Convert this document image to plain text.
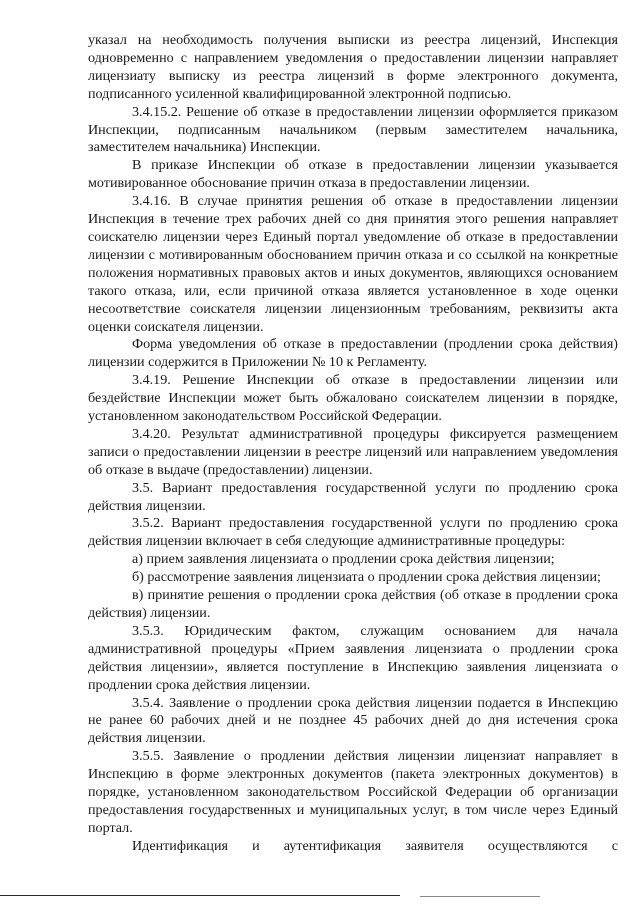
указал на необходимость получения выписки из реестра лицензий, Инспекция одновременно с направлением уведомления о предоставлении лицензии направляет лицензиату выписку из реестра лицензий в форме электронного документа, подписанного усиленной квалифицированной электронной подписью.

3.4.15.2. Решение об отказе в предоставлении лицензии оформляется приказом Инспекции, подписанным начальником (первым заместителем начальника, заместителем начальника) Инспекции.

В приказе Инспекции об отказе в предоставлении лицензии указывается мотивированное обоснование причин отказа в предоставлении лицензии.

3.4.16. В случае принятия решения об отказе в предоставлении лицензии Инспекция в течение трех рабочих дней со дня принятия этого решения направляет соискателю лицензии через Единый портал уведомление об отказе в предоставлении лицензии с мотивированным обоснованием причин отказа и со ссылкой на конкретные положения нормативных правовых актов и иных документов, являющихся основанием такого отказа, или, если причиной отказа является установленное в ходе оценки несоответствие соискателя лицензии лицензионным требованиям, реквизиты акта оценки соискателя лицензии.

Форма уведомления об отказе в предоставлении (продлении срока действия) лицензии содержится в Приложении № 10 к Регламенту.

3.4.19. Решение Инспекции об отказе в предоставлении лицензии или бездействие Инспекции может быть обжаловано соискателем лицензии в порядке, установленном законодательством Российской Федерации.

3.4.20. Результат административной процедуры фиксируется размещением записи о предоставлении лицензии в реестре лицензий или направлением уведомления об отказе в выдаче (предоставлении) лицензии.

3.5. Вариант предоставления государственной услуги по продлению срока действия лицензии.

3.5.2. Вариант предоставления государственной услуги по продлению срока действия лицензии включает в себя следующие административные процедуры:

а) прием заявления лицензиата о продлении срока действия лицензии;

б) рассмотрение заявления лицензиата о продлении срока действия лицензии;

в) принятие решения о продлении срока действия (об отказе в продлении срока действия) лицензии.

3.5.3. Юридическим фактом, служащим основанием для начала административной процедуры «Прием заявления лицензиата о продлении срока действия лицензии», является поступление в Инспекцию заявления лицензиата о продлении срока действия лицензии.

3.5.4. Заявление о продлении срока действия лицензии подается в Инспекцию не ранее 60 рабочих дней и не позднее 45 рабочих дней до дня истечения срока действия лицензии.

3.5.5. Заявление о продлении действия лицензии лицензиат направляет в Инспекцию в форме электронных документов (пакета электронных документов) в порядке, установленном законодательством Российской Федерации об организации предоставления государственных и муниципальных услуг, в том числе через Единый портал.

Идентификация и аутентификация заявителя осуществляются с
